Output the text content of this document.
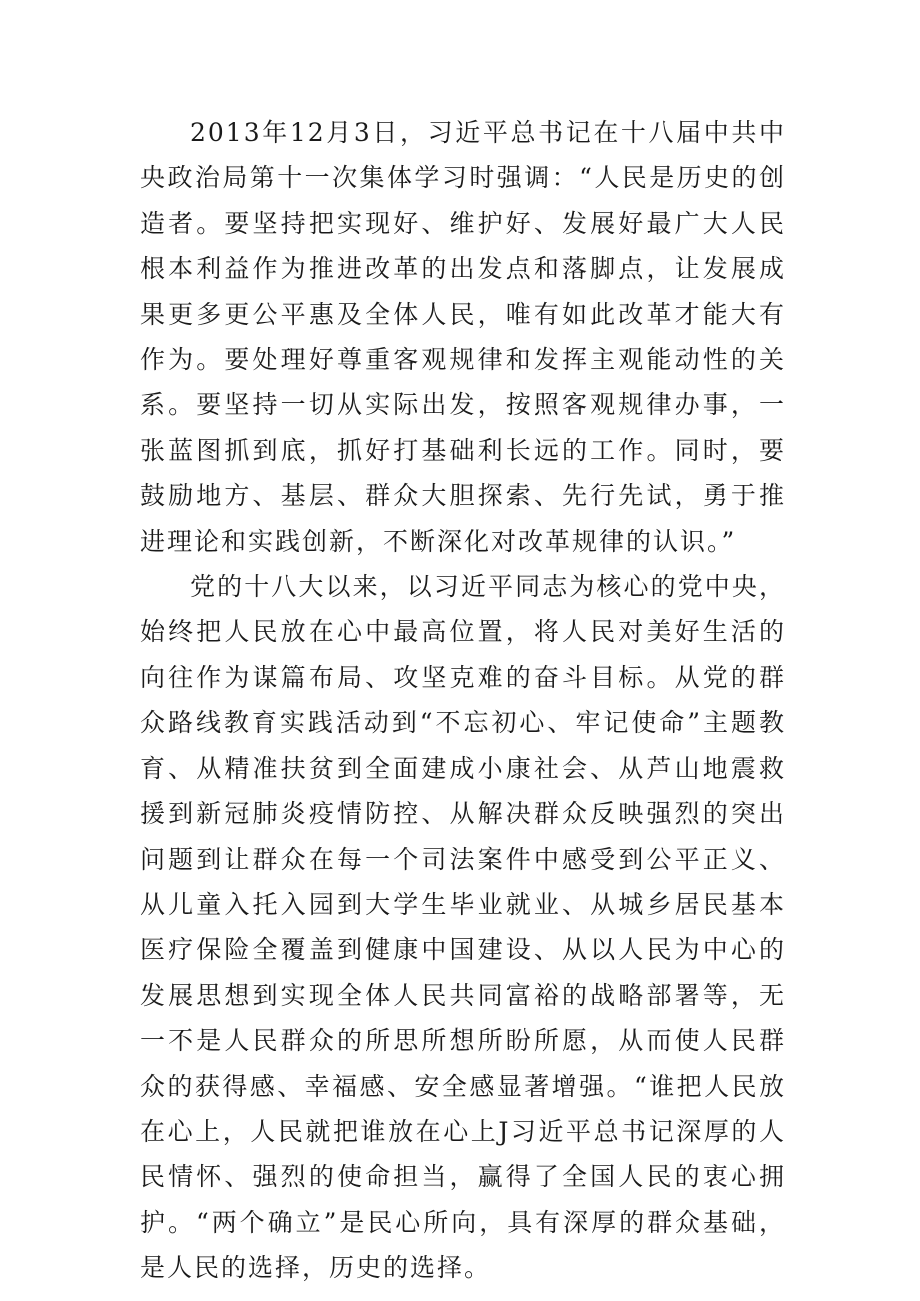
2013年12月3日，习近平总书记在十八届中共中央政治局第十一次集体学习时强调：“人民是历史的创造者。要坚持把实现好、维护好、发展好最广大人民根本利益作为推进改革的出发点和落脚点，让发展成果更多更公平惠及全体人民，唯有如此改革才能大有作为。要处理好尊重客观规律和发挥主观能动性的关系。要坚持一切从实际出发，按照客观规律办事，一张蓝图抓到底，抓好打基础利长远的工作。同时，要鼓励地方、基层、群众大胆探索、先行先试，勇于推进理论和实践创新，不断深化对改革规律的认识。”

党的十八大以来，以习近平同志为核心的党中央，始终把人民放在心中最高位置，将人民对美好生活的向往作为谋篇布局、攻坚克难的奋斗目标。从党的群众路线教育实践活动到“不忘初心、牢记使命”主题教育、从精准扶贫到全面建成小康社会、从芦山地震救援到新冠肺炎疫情防控、从解决群众反映强烈的突出问题到让群众在每一个司法案件中感受到公平正义、从儿童入托入园到大学生毕业就业、从城乡居民基本医疗保险全覆盖到健康中国建设、从以人民为中心的发展思想到实现全体人民共同富裕的战略部署等，无一不是人民群众的所思所想所盼所愿，从而使人民群众的获得感、幸福感、安全感显著增强。“谁把人民放在心上，人民就把谁放在心上J习近平总书记深厚的人民情怀、强烈的使命担当，赢得了全国人民的衷心拥护。“两个确立”是民心所向，具有深厚的群众基础，是人民的选择，历史的选择。
